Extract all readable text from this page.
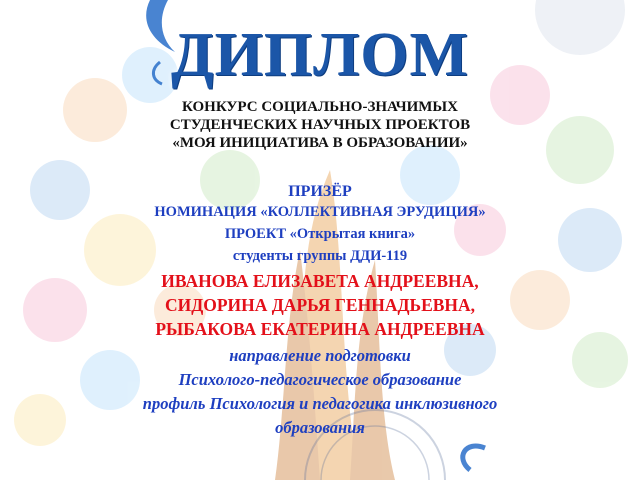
ДИПЛОМ
КОНКУРС СОЦИАЛЬНО-ЗНАЧИМЫХ
СТУДЕНЧЕСКИХ НАУЧНЫХ ПРОЕКТОВ
«МОЯ ИНИЦИАТИВА В ОБРАЗОВАНИИ»
ПРИЗЁР
НОМИНАЦИЯ «КОЛЛЕКТИВНАЯ ЭРУДИЦИЯ»
ПРОЕКТ «Открытая книга»
студенты группы ДДИ-119
ИВАНОВА ЕЛИЗАВЕТА АНДРЕЕВНА,
СИДОРИНА ДАРЬЯ ГЕННАДЬЕВНА,
РЫБАКОВА ЕКАТЕРИНА АНДРЕЕВНА
направление подготовки
Психолого-педагогическое образование
профиль Психология и педагогика инклюзивного
образования
